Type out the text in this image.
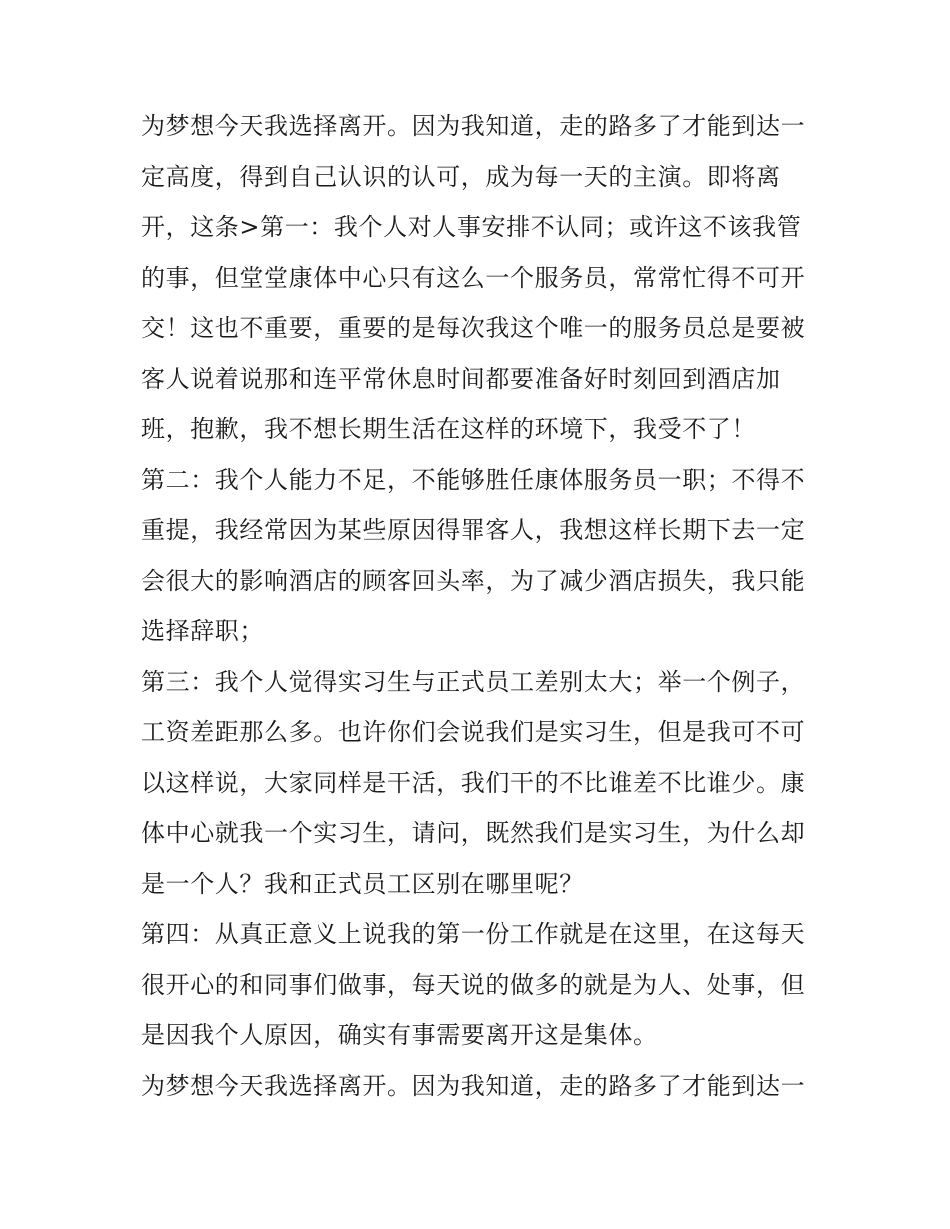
为梦想今天我选择离开。因为我知道，走的路多了才能到达一
定高度，得到自己认识的认可，成为每一天的主演。即将离
开，这条>第一：我个人对人事安排不认同；或许这不该我管
的事，但堂堂康体中心只有这么一个服务员，常常忙得不可开
交！这也不重要，重要的是每次我这个唯一的服务员总是要被
客人说着说那和连平常休息时间都要准备好时刻回到酒店加
班，抱歉，我不想长期生活在这样的环境下，我受不了！
第二：我个人能力不足，不能够胜任康体服务员一职；不得不
重提，我经常因为某些原因得罪客人，我想这样长期下去一定
会很大的影响酒店的顾客回头率，为了减少酒店损失，我只能
选择辞职；
第三：我个人觉得实习生与正式员工差别太大；举一个例子，
工资差距那么多。也许你们会说我们是实习生，但是我可不可
以这样说，大家同样是干活，我们干的不比谁差不比谁少。康
体中心就我一个实习生，请问，既然我们是实习生，为什么却
是一个人？我和正式员工区别在哪里呢？
第四：从真正意义上说我的第一份工作就是在这里，在这每天
很开心的和同事们做事，每天说的做多的就是为人、处事，但
是因我个人原因，确实有事需要离开这是集体。
为梦想今天我选择离开。因为我知道，走的路多了才能到达一
